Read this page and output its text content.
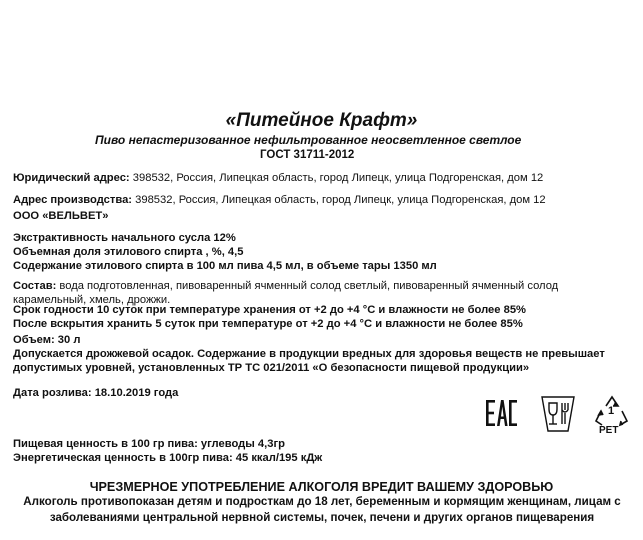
«Питейное Крафт»
Пиво непастеризованное нефильтрованное неосветленное светлое
ГОСТ 31711-2012
Юридический адрес: 398532, Россия, Липецкая область, город Липецк, улица Подгоренская, дом 12
Адрес производства: 398532, Россия, Липецкая область, город Липецк, улица Подгоренская, дом 12
ООО «ВЕЛЬВЕТ»
Экстрактивность начального сусла 12%
Объемная доля этилового спирта , %, 4,5
Содержание этилового спирта в 100 мл пива 4,5 мл, в объеме тары 1350 мл
Состав: вода подготовленная, пивоваренный ячменный солод светлый, пивоваренный ячменный солод карамельный, хмель, дрожжи.
Срок годности 10 суток при температуре хранения от +2 до +4 °С и влажности не более 85%
После вскрытия хранить 5 суток при температуре от +2 до +4 °С и влажности не более 85%
Объем: 30 л
Допускается дрожжевой осадок. Содержание в продукции вредных для здоровья веществ не превышает допустимых уровней, установленных ТР ТС 021/2011 «О безопасности пищевой продукции»
Дата розлива: 18.10.2019 года
1
PET
Пищевая ценность в 100 гр пива: углеводы 4,3гр
Энергетическая ценность в 100гр пива: 45 ккал/195 кДж
ЧРЕЗМЕРНОЕ УПОТРЕБЛЕНИЕ АЛКОГОЛЯ ВРЕДИТ ВАШЕМУ ЗДОРОВЬЮ
Алкоголь противопоказан детям и подросткам до 18 лет, беременным и кормящим женщинам, лицам с заболеваниями центральной нервной системы, почек, печени и других органов пищеварения
